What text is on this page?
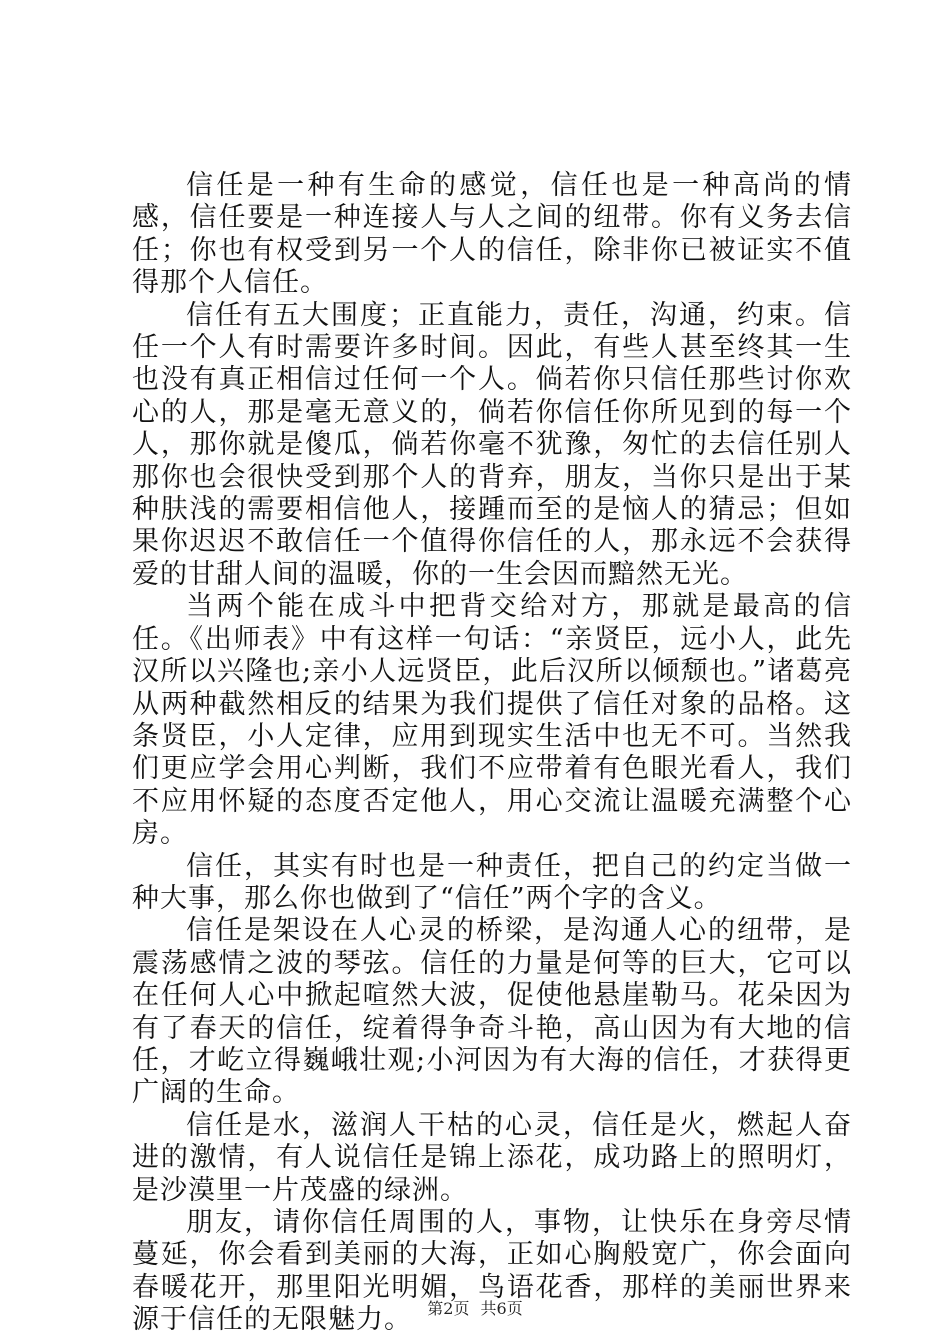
信任是一种有生命的感觉，信任也是一种高尚的情感，信任要是一种连接人与人之间的纽带。你有义务去信任；你也有权受到另一个人的信任，除非你已被证实不值得那个人信任。

信任有五大围度；正直能力，责任，沟通，约束。信任一个人有时需要许多时间。因此，有些人甚至终其一生也没有真正相信过任何一个人。倘若你只信任那些讨你欢心的人，那是毫无意义的，倘若你信任你所见到的每一个人，那你就是傻瓜，倘若你毫不犹豫，匆忙的去信任别人那你也会很快受到那个人的背弃，朋友，当你只是出于某种肤浅的需要相信他人，接踵而至的是恼人的猜忌；但如果你迟迟不敢信任一个值得你信任的人，那永远不会获得爱的甘甜人间的温暖，你的一生会因而黯然无光。

当两个能在成斗中把背交给对方，那就是最高的信任。《出师表》中有这样一句话：“亲贤臣，远小人，此先汉所以兴隆也;亲小人远贤臣，此后汉所以倾颓也。”诸葛亮从两种截然相反的结果为我们提供了信任对象的品格。这条贤臣，小人定律，应用到现实生活中也无不可。当然我们更应学会用心判断，我们不应带着有色眼光看人，我们不应用怀疑的态度否定他人，用心交流让温暖充满整个心房。

信任，其实有时也是一种责任，把自己的约定当做一种大事，那么你也做到了“信任”两个字的含义。

信任是架设在人心灵的桥梁，是沟通人心的纽带，是震荡感情之波的琴弦。信任的力量是何等的巨大，它可以在任何人心中掀起喧然大波，促使他悬崖勒马。花朵因为有了春天的信任，绽着得争奇斗艳，高山因为有大地的信任，才屹立得巍峨壮观;小河因为有大海的信任，才获得更广阔的生命。

信任是水，滋润人干枯的心灵，信任是火，燃起人奋进的激情，有人说信任是锦上添花，成功路上的照明灯，是沙漠里一片茂盛的绿洲。

朋友，请你信任周围的人，事物，让快乐在身旁尽情蔓延，你会看到美丽的大海，正如心胸般宽广，你会面向春暖花开，那里阳光明媚，鸟语花香，那样的美丽世界来源于信任的无限魅力。 第2页 共6页
